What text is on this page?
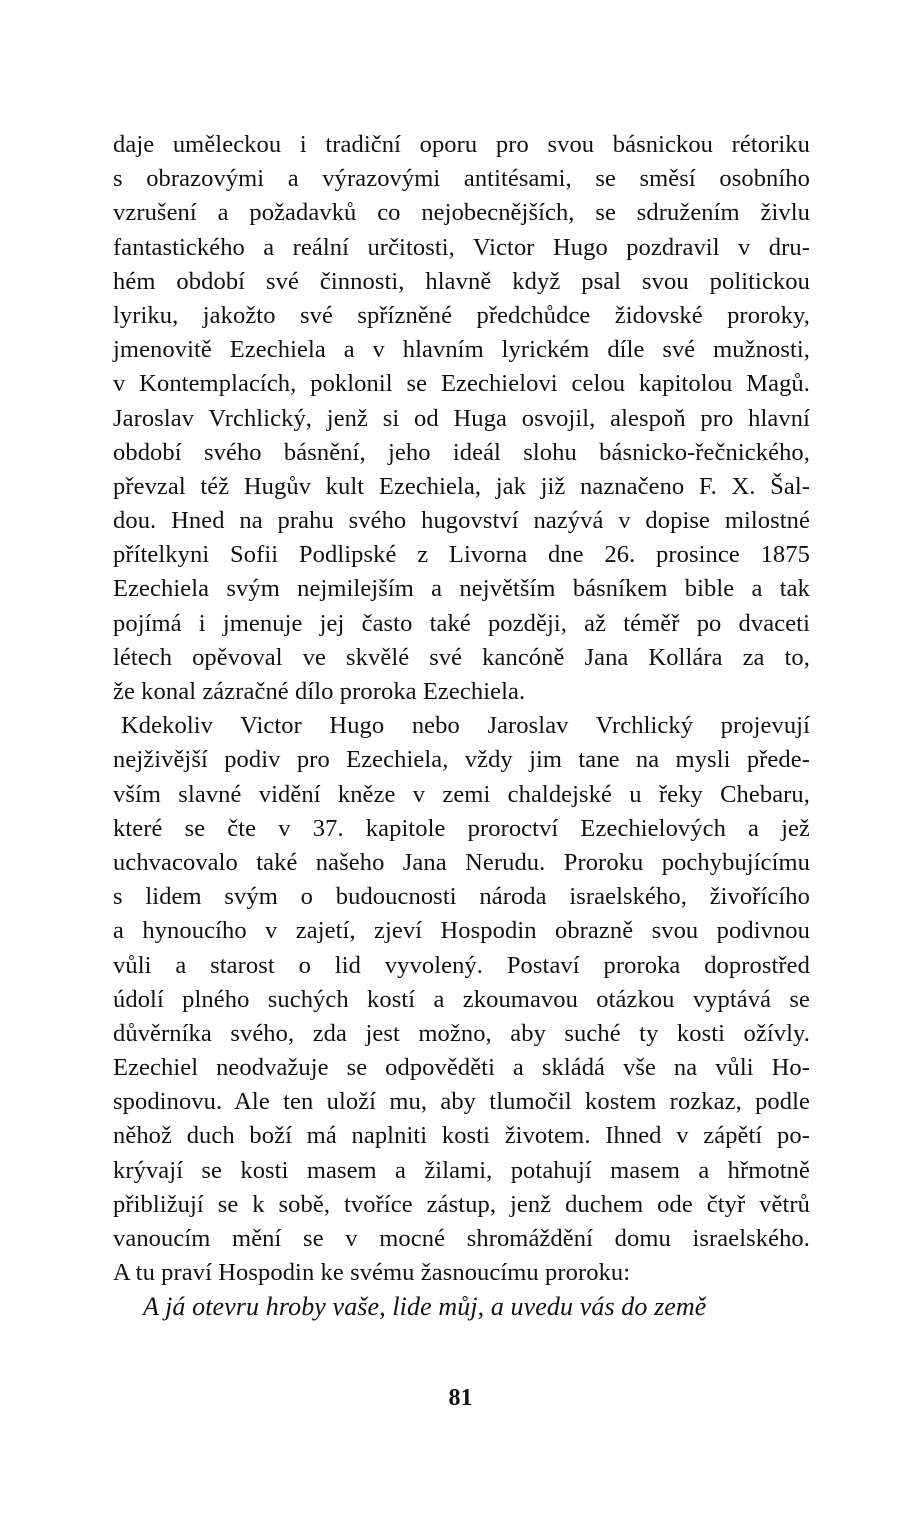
daje uměleckou i tradiční oporu pro svou básnickou rétoriku
s obrazovými a výrazovými antitésami, se směsí osobního
vzrušení a požadavků co nejobecnějších, se sdružením živlu
fantastického a reální určitosti, Victor Hugo pozdravil v dru-
hém období své činnosti, hlavně když psal svou politickou
lyriku, jakožto své spřízněné předchůdce židovské proroky,
jmenovitě Ezechiela a v hlavním lyrickém díle své mužnosti,
v Kontemplacích, poklonil se Ezechielovi celou kapitolou Magů.
Jaroslav Vrchlický, jenž si od Huga osvojil, alespoň pro hlavní
období svého básnění, jeho ideál slohu básnicko-řečnického,
převzal též Hugův kult Ezechiela, jak již naznačeno F. X. Šal-
dou. Hned na prahu svého hugovství nazývá v dopise milostné
přítelkyni Sofii Podlipské z Livorna dne 26. prosince 1875
Ezechiela svým nejmilejším a největším básníkem bible a tak
pojímá i jmenuje jej často také později, až téměř po dvaceti
létech opěvoval ve skvělé své kancóně Jana Kollára za to,
že konal zázračné dílo proroka Ezechiela.
Kdekoliv Victor Hugo nebo Jaroslav Vrchlický projevují
nejživější podiv pro Ezechiela, vždy jim tane na mysli přede-
vším slavné vidění kněze v zemi chaldejské u řeky Chebaru,
které se čte v 37. kapitole proroctví Ezechielových a jež
uchvacovalo také našeho Jana Nerudu. Proroku pochybujícímu
s lidem svým o budoucnosti národa israelského, živořícího
a hynoucího v zajetí, zjeví Hospodin obrazně svou podivnou
vůli a starost o lid vyvolený. Postaví proroka doprostřed
údolí plného suchých kostí a zkoumavou otázkou vyptává se
důvěrníka svého, zda jest možno, aby suché ty kosti ožívly.
Ezechiel neodvažuje se odpověděti a skládá vše na vůli Ho-
spodinovu. Ale ten uloží mu, aby tlumočil kostem rozkaz, podle
něhož duch boží má naplniti kosti životem. Ihned v zápětí po-
krývají se kosti masem a žilami, potahují masem a hřmotně
přibližují se k sobě, tvoříce zástup, jenž duchem ode čtyř větrů
vanoucím mění se v mocné shromáždění domu israelského.
A tu praví Hospodin ke svému žasnoucímu proroku:
A já otevru hroby vaše, lide můj, a uvedu vás do země
81
